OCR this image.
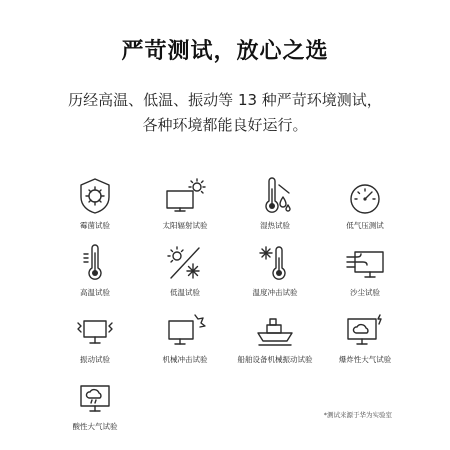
严苛测试，放心之选
历经高温、低温、振动等 13 种严苛环境测试，
各种环境都能良好运行。
霉菌试验	太阳辐射试验	湿热试验	低气压测试
高温试验	低温试验	温度冲击试验	沙尘试验
振动试验	机械冲击试验	船舶设备机械振动试验	爆炸性大气试验
酸性大气试验
*测试来源于华为实验室
